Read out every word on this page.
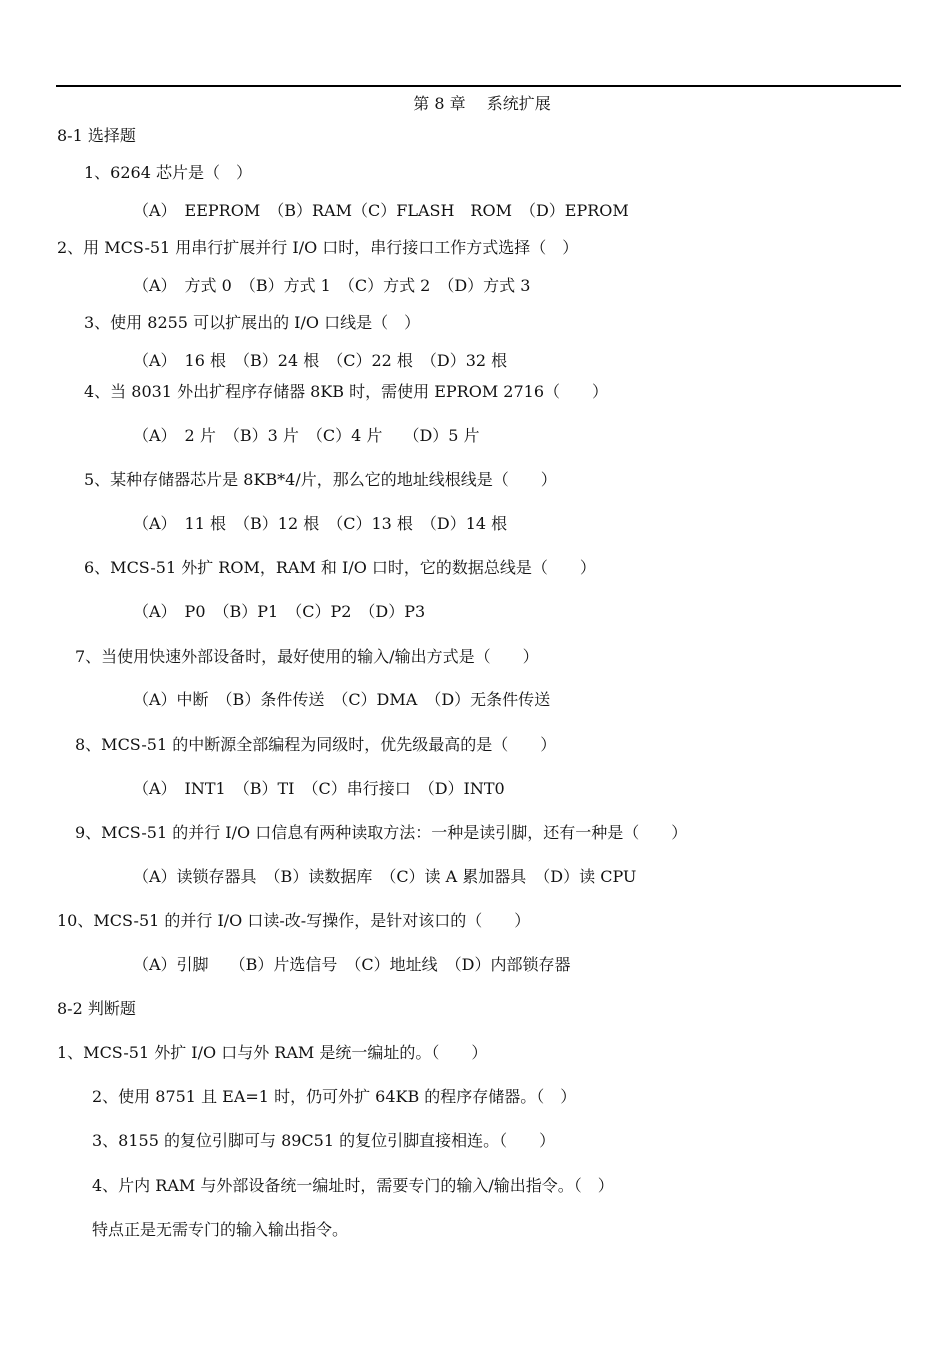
第 8 章　 系统扩展
8-1 选择题
1、6264 芯片是（　）
（A）　EEPROM　（B）RAM（C）FLASH　ROM　（D）EPROM
2、用 MCS-51 用串行扩展并行 I/O 口时，串行接口工作方式选择（　）
（A）　方式 0　（B）方式 1　（C）方式 2　（D）方式 3
3、使用 8255 可以扩展出的 I/O 口线是（　）
（A）　16 根　（B）24 根　（C）22 根　（D）32 根
4、当 8031 外出扩程序存储器 8KB 时，需使用 EPROM 2716（　　）
（A）　2 片　（B）3 片　（C）4 片　 （D）5 片
5、某种存储器芯片是 8KB*4/片，那么它的地址线根线是（　　）
（A）　11 根　（B）12 根　（C）13 根　（D）14 根
6、MCS-51 外扩 ROM，RAM 和 I/O 口时，它的数据总线是（　　）
（A）　P0　（B）P1　（C）P2　（D）P3
7、当使用快速外部设备时，最好使用的输入/输出方式是（　　）
（A）中断　（B）条件传送　（C）DMA　（D）无条件传送
8、MCS-51 的中断源全部编程为同级时，优先级最高的是（　　）
（A）　INT1　（B）TI　（C）串行接口　（D）INT0
9、MCS-51 的并行 I/O 口信息有两种读取方法：一种是读引脚，还有一种是（　　）
（A）读锁存器具　（B）读数据库　（C）读 A 累加器具　（D）读 CPU
10、MCS-51 的并行 I/O 口读-改-写操作，是针对该口的（　　）
（A）引脚　 （B）片选信号　（C）地址线　（D）内部锁存器
8-2 判断题
1、MCS-51 外扩 I/O 口与外 RAM 是统一编址的。（　　）
2、使用 8751 且 EA=1 时，仍可外扩 64KB 的程序存储器。（　）
3、8155 的复位引脚可与 89C51 的复位引脚直接相连。（　　）
4、片内 RAM 与外部设备统一编址时，需要专门的输入/输出指令。（　）
特点正是无需专门的输入输出指令。
